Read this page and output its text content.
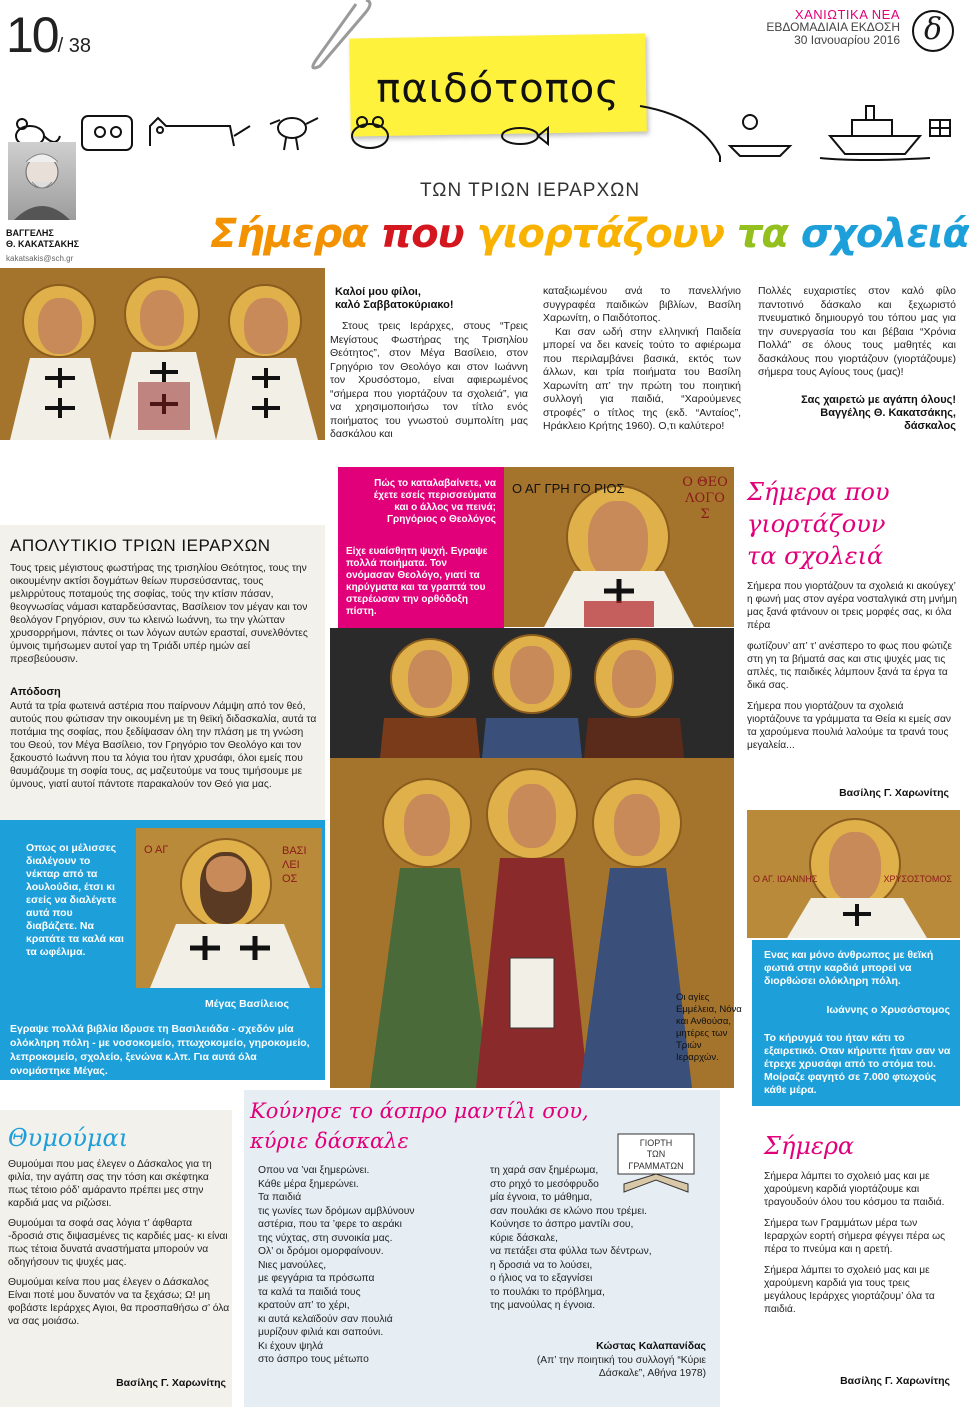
10/ 38
ΧΑΝΙΩΤΙΚΑ ΝΕΑ
ΕΒΔΟΜΑΔΙΑΙΑ ΕΚΔΟΣΗ
30 Ιανουαρίου 2016 δ
παιδότοπος
ΒΑΓΓΕΛΗΣ
Θ. ΚΑΚΑΤΣΑΚΗΣ
kakatsakis@sch.gr
ΤΩΝ ΤΡΙΩΝ ΙΕΡΑΡΧΩΝ
Σήμερα που γιορτάζουν τα σχολειά
Καλοί μου φίλοι,
καλό Σαββατοκύριακο!

Στους τρεις Ιεράρχες, στους “Τρεις Μεγίστους Φωστήρας της Τρισηλίου Θεότητος”, στον Μέγα Βασίλειο, στον Γρηγόριο τον Θεολόγο και στον Ιωάννη τον Χρυσόστομο, είναι αφιερωμένος “σήμερα που γιορτάζουν τα σχολειά”, για να χρησιμοποιήσω τον τίτλο ενός ποιήματος του γνωστού συμπολίτη μας δασκάλου και

καταξιωμένου ανά το πανελλήνιο συγγραφέα παιδικών βιβλίων, Βασίλη Χαρωνίτη, ο Παιδότοπος.

Και σαν ωδή στην ελληνική Παιδεία μπορεί να δει κανείς τούτο το αφιέρωμα που περιλαμβάνει βασικά, εκτός των άλλων, και τρία ποιήματα του Βασίλη Χαρωνίτη απ’ την πρώτη του ποιητική συλλογή για παιδιά, “Χαρούμενες στροφές” ο τίτλος της (εκδ. “Ανταίος”, Ηράκλειο Κρήτης 1960). Ο,τι καλύτερο!

Πολλές ευχαριστίες στον καλό φίλο παντοτινό δάσκαλο και ξεχωριστό πνευματικό δημιουργό του τόπου μας για την συνεργασία του και βέβαια “Χρόνια Πολλά” σε όλους τους μαθητές και δασκάλους που γιορτάζουν (γιορτάζουμε) σήμερα τους Αγίους τους (μας)!

Σας χαιρετώ με αγάπη όλους!
Βαγγέλης Θ. Κακατσάκης,
δάσκαλος
ΑΠΟΛΥΤΙΚΙΟ ΤΡΙΩΝ ΙΕΡΑΡΧΩΝ

Τους τρεις μέγιστους φωστήρας της τρισηλίου Θεότητος, τους την οικουμένην ακτίσι δογμάτων θείων πυρσεύσαντας, τους μελιρρύτους ποταμούς της σοφίας, τούς την κτίσιν πάσαν, θεογνωσίας νάμασι καταρδεύσαντας, Βασίλειον τον μέγαν και τον θεολόγον Γρηγόριον, συν τω κλεινώ Ιωάννη, τω την γλώτταν χρυσορρήμονι, πάντες οι των λόγων αυτών ερασταί, συνελθόντες ύμνοις τιμήσωμεν αυτοί γαρ τη Τριάδι υπέρ ημών αεί πρεσβεύουσιν.

Απόδοση

Αυτά τα τρία φωτεινά αστέρια που παίρνουν Λάμψη από τον θεό, αυτούς που φώτισαν την οικουμένη με τη θεϊκή διδασκαλία, αυτά τα ποτάμια της σοφίας, που ξεδίψασαν όλη την πλάση με τη γνώση του Θεού, τον Μέγα Βασίλειο, τον Γρηγόριο τον Θεολόγο και τον ξακουστό Ιωάννη που τα λόγια του ήταν χρυσάφι, όλοι εμείς που θαυμάζουμε τη σοφία τους, ας μαζευτούμε να τους τιμήσουμε με ύμνους, γιατί αυτοί πάντοτε παρακαλούν τον Θεό για μας.

Πώς το καταλαβαίνετε, να
έχετε εσείς περισσεύματα
και ο άλλος να πεινά;
Γρηγόριος ο Θεολόγος

Είχε ευαίσθητη ψυχή. Εγραψε πολλά ποιήματα. Τον ονόμασαν Θεολόγο, γιατί τα κηρύγματα και τα γραπτά του στερέωσαν την ορθόδοξη πίστη.

Ο ΑΓ ΓΡΗ ΓΟ ΡΙΟΣ	Ο ΘΕΟ ΛΟΓΟ Σ
Σήμερα που
γιορτάζουν
τα σχολειά

Σήμερα που γιορτάζουν τα σχολειά κι ακούγεχ’ η φωνή μας στον αγέρα νοσταλγικά στη μνήμη μας ξανά φτάνουν οι τρεις μορφές σας, κι όλα πέρα

φωτίζουν’ απ’ τ’ ανέσπερο το φως που φώτιζε στη γη τα βήματά σας και στις ψυχές μας τις απλές, τις παιδικές λάμπουν ξανά τα έργα τα δικά σας.

Σήμερα που γιορτάζουν τα σχολειά γιορτάζουνε τα γράμματα τα Θεία κι εμείς σαν τα χαρούμενα πουλιά λαλούμε τα τρανά τους μεγαλεία...

Βασίλης Γ. Χαρωνίτης
Ο ΑΓ. ΙΩΑΝΝΗΣ	ΧΡΥΣΟΣΤΟΜΟΣ

Ενας και μόνο άνθρωπος με θεϊκή φωτιά στην καρδιά μπορεί να διορθώσει ολόκληρη πόλη.

Ιωάννης ο Χρυσόστομος

Το κήρυγμά του ήταν κάτι το εξαιρετικό. Οταν κήρυττε ήταν σαν να έτρεχε χρυσάφι από το στόμα του. Μοίραζε φαγητό σε 7.000 φτωχούς κάθε μέρα.

Οπως οι μέλισσες διαλέγουν το νέκταρ από τα λουλούδια, έτσι κι εσείς να διαλέγετε αυτά που διαβάζετε. Να κρατάτε τα καλά και τα ωφέλιμα.

Ο ΑΓ	ΒΑΣΙ ΛΕΙ ΟΣ
Μέγας Βασίλειος

Εγραψε πολλά βιβλία Ιδρυσε τη Βασιλειάδα - σχεδόν μία ολόκληρη πόλη - με νοσοκομείο, πτωχοκομείο, γηροκομείο, λεπροκομείο, σχολείο, ξενώνα κ.λπ. Για αυτά όλα ονομάστηκε Μέγας.

Οι αγίες Εμμέλεια, Νόνα και Ανθούσα, μητέρες των Τριών Ιεραρχών.
Θυμούμαι

Θυμούμαι που μας έλεγεν ο Δάσκαλος για τη φιλία, την αγάπη σας την τόση και σκέφτηκα πως τέτοιο ρόδ’ αμάραντο πρέπει μες στην καρδιά μας να ριζώσει.

Θυμούμαι τα σοφά σας λόγια τ’ άφθαρτα -δροσιά στις διψασμένες τις καρδιές μας- κι είναι πως τέτοια δυνατά αναστήματα μπορούν να οδηγήσουν τις ψυχές μας.

Θυμούμαι κείνα που μας έλεγεν ο Δάσκαλος Είναι ποτέ μου δυνατόν να τα ξεχάσω; Ω! μη φοβάστε Ιεράρχες Αγιοι, θα προσπαθήσω σ’ όλα να σας μοιάσω.

Βασίλης Γ. Χαρωνίτης
Κούνησε το άσπρο μαντίλι σου,
κύριε δάσκαλε	ΓΙΟΡΤΗ
ΤΩΝ
ΓΡΑΜΜΑΤΩΝ
Οπου να ’ναι ξημερώνει.
Κάθε μέρα ξημερώνει.
Τα παιδιά
τις γωνίες των δρόμων αμβλύνουν
αστέρια, που τα ’φερε το αεράκι
της νύχτας, στη συνοικία μας.
Ολ’ οι δρόμοι ομορφαίνουν.
Νιες μανούλες,
με φεγγάρια τα πρόσωπα
τα καλά τα παιδιά τους
κρατούν απ’ το χέρι,
κι αυτά κελαϊδούν σαν πουλιά
μυρίζουν φιλιά και σαπούνι.
Κι έχουν ψηλά
στο άσπρο τους μέτωπο
τη χαρά σαν ξημέρωμα,
στο ρηχό το μεσόφρυδο
μία έγνοια, το μάθημα,
σαν πουλάκι σε κλώνο που τρέμει.
Κούνησε το άσπρο μαντίλι σου,
κύριε δάσκαλε,
να πετάξει στα φύλλα των δέντρων,
η δροσιά να το λούσει,
ο ήλιος να το εξαγνίσει
το πουλάκι το πρόβλημα,
της μανούλας η έγνοια.
Κώστας Καλαπανίδας
(Απ’ την ποιητική του συλλογή “Κύριε
Δάσκαλε”, Αθήνα 1978)
Σήμερα

Σήμερα λάμπει το σχολειό μας και με χαρούμενη καρδιά γιορτάζουμε και τραγουδούν όλου του κόσμου τα παιδιά.

Σήμερα των Γραμμάτων μέρα των Ιεραρχών εορτή σήμερα φέγγει πέρα ως πέρα το πνεύμα και η αρετή.

Σήμερα λάμπει το σχολειό μας και με χαρούμενη καρδιά για τους τρεις μεγάλους Ιεράρχες γιορτάζουμ’ όλα τα παιδιά.

Βασίλης Γ. Χαρωνίτης
